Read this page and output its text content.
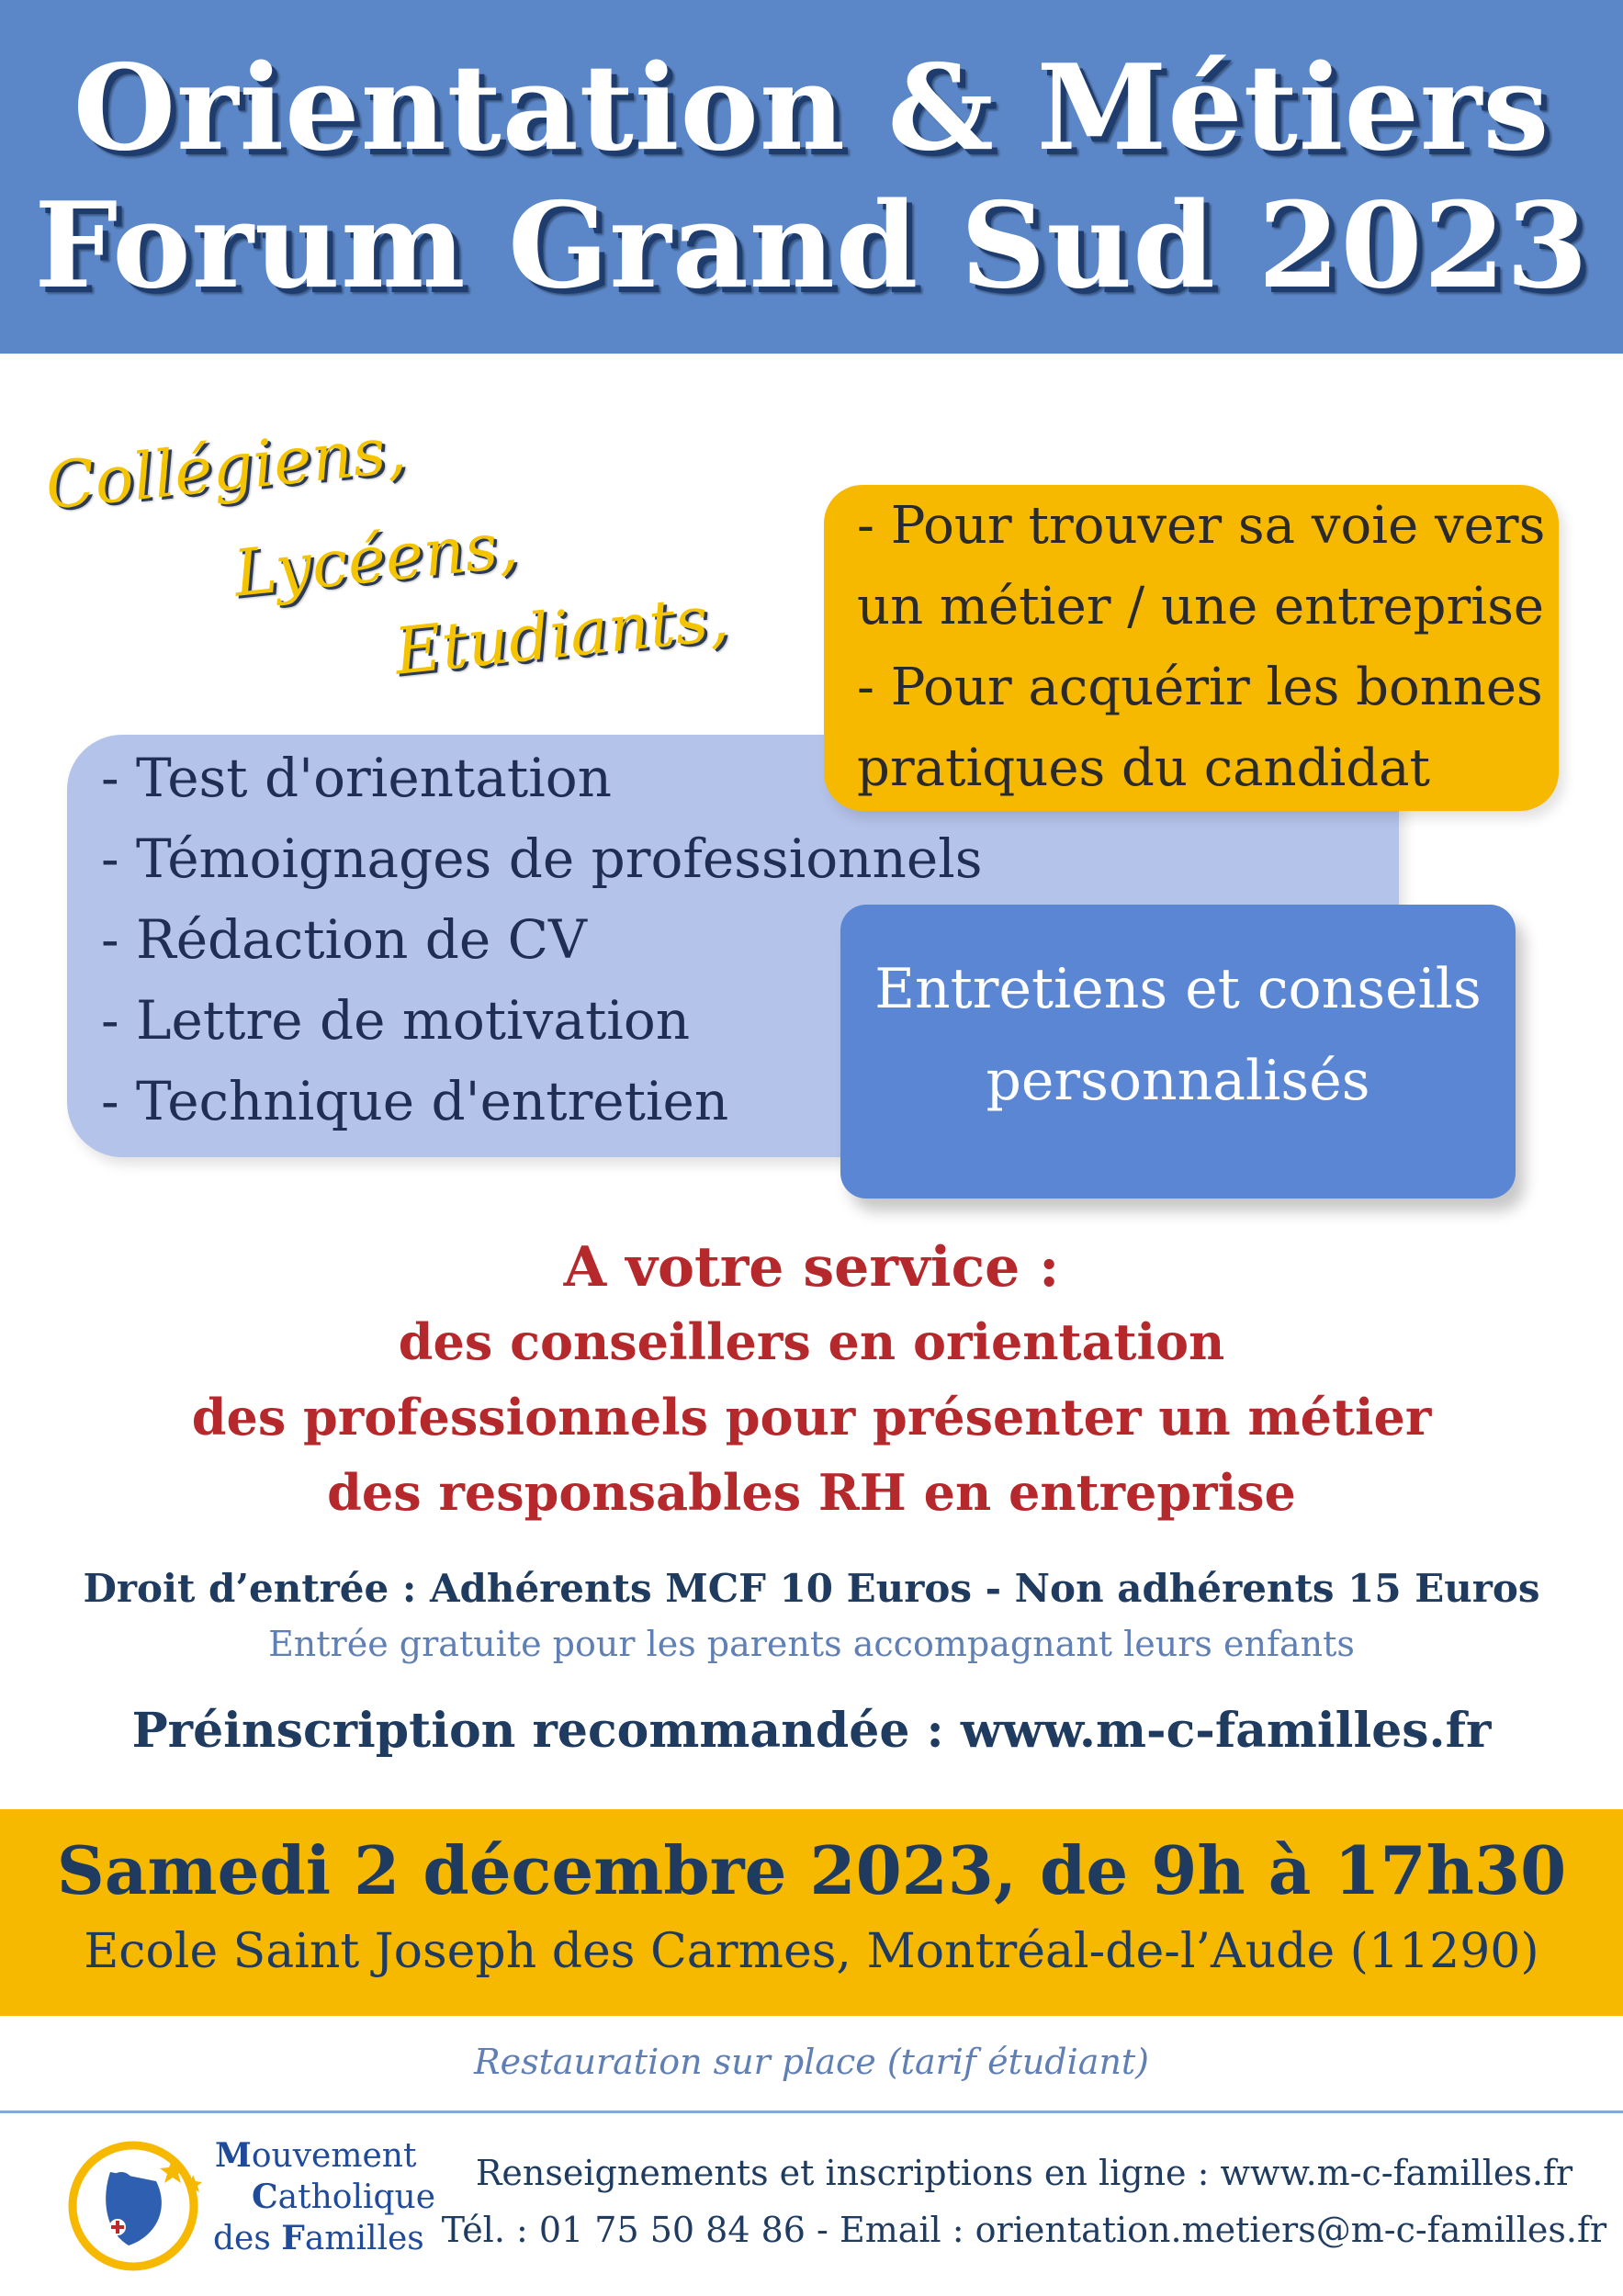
Orientation & Métiers
Forum Grand Sud 2023
Collégiens,
Lycéens,
Etudiants,
- Test d'orientation
- Témoignages de professionnels
- Rédaction de CV
- Lettre de motivation
- Technique d'entretien
- Pour trouver sa voie vers
un métier / une entreprise
- Pour acquérir les bonnes
pratiques du candidat
Entretiens et conseils
personnalisés
A votre service :
des conseillers en orientation
des professionnels pour présenter un métier
des responsables RH en entreprise
Droit d’entrée : Adhérents MCF 10 Euros - Non adhérents 15 Euros
Entrée gratuite pour les parents accompagnant leurs enfants
Préinscription recommandée : www.m-c-familles.fr
Samedi 2 décembre 2023, de 9h à 17h30
Ecole Saint Joseph des Carmes, Montréal-de-l’Aude (11290)
Restauration sur place (tarif étudiant)
Mouvement
Catholique
des Familles
Renseignements et inscriptions en ligne : www.m-c-familles.fr
Tél. : 01 75 50 84 86 - Email : orientation.metiers@m-c-familles.fr
